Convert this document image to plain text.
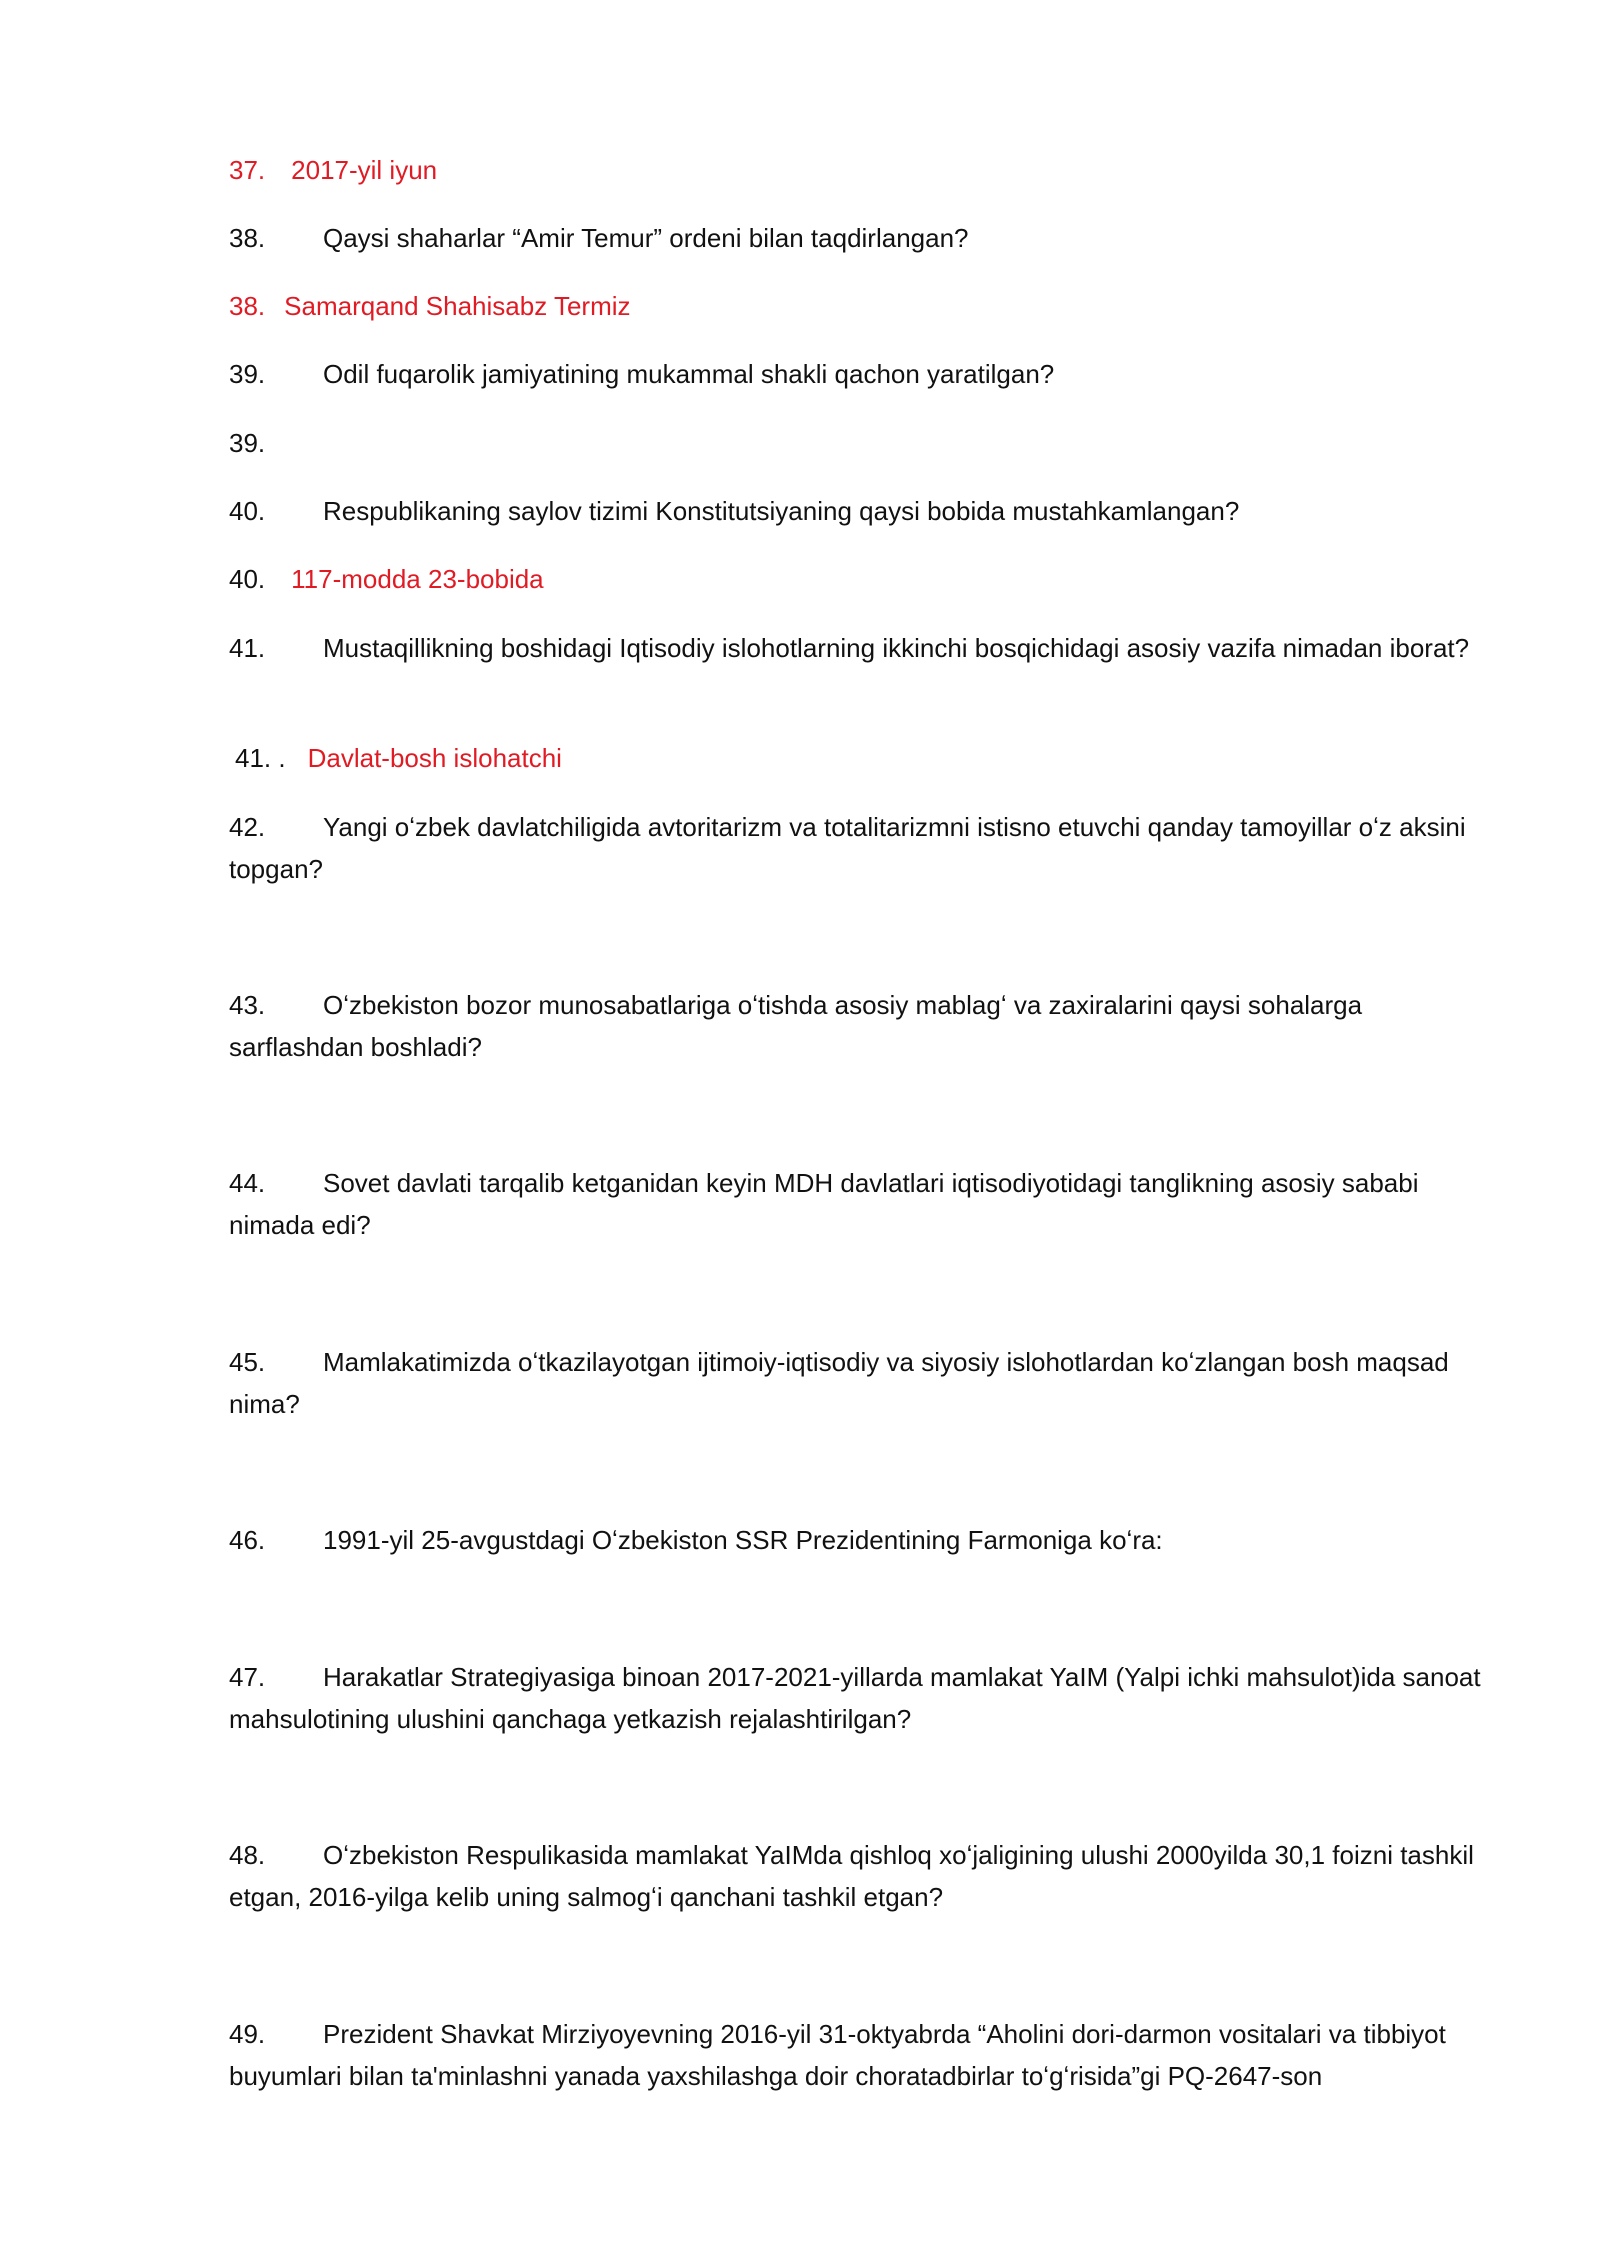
37. 2017-yil iyun
38. Qaysi shaharlar “Amir Temur” ordeni bilan taqdirlangan?
38. Samarqand Shahisabz Termiz
39. Odil fuqarolik jamiyatining mukammal shakli qachon yaratilgan?
39.
40. Respublikaning saylov tizimi Konstitutsiyaning qaysi bobida mustahkamlangan?
40. 117-modda 23-bobida
41. Mustaqillikning boshidagi Iqtisodiy islohotlarning ikkinchi bosqichidagi asosiy vazifa nimadan iborat?
41. . Davlat-bosh islohatchi
42. Yangi oʻzbek davlatchiligida avtoritarizm va totalitarizmni istisno etuvchi qanday tamoyillar oʻz aksini topgan?
43. Oʻzbekiston bozor munosabatlariga oʻtishda asosiy mablagʻ va zaxiralarini qaysi sohalarga sarflashdan boshladi?
44. Sovet davlati tarqalib ketganidan keyin MDH davlatlari iqtisodiyotidagi tanglikning asosiy sababi nimada edi?
45. Mamlakatimizda oʻtkazilayotgan ijtimoiy-iqtisodiy va siyosiy islohotlardan koʻzlangan bosh maqsad nima?
46. 1991-yil 25-avgustdagi Oʻzbekiston SSR Prezidentining Farmoniga koʻra:
47. Harakatlar Strategiyasiga binoan 2017-2021-yillarda mamlakat YaIM (Yalpi ichki mahsulot)ida sanoat mahsulotining ulushini qanchaga yetkazish rejalashtirilgan?
48. Oʻzbekiston Respulikasida mamlakat YaIMda qishloq xoʻjaligining ulushi 2000yilda 30,1 foizni tashkil etgan, 2016-yilga kelib uning salmogʻi qanchani tashkil etgan?
49. Prezident Shavkat Mirziyoyevning 2016-yil 31-oktyabrda “Aholini dori-darmon vositalari va tibbiyot buyumlari bilan ta'minlashni yanada yaxshilashga doir choratadbirlar toʻgʻrisida”gi PQ-2647-son
